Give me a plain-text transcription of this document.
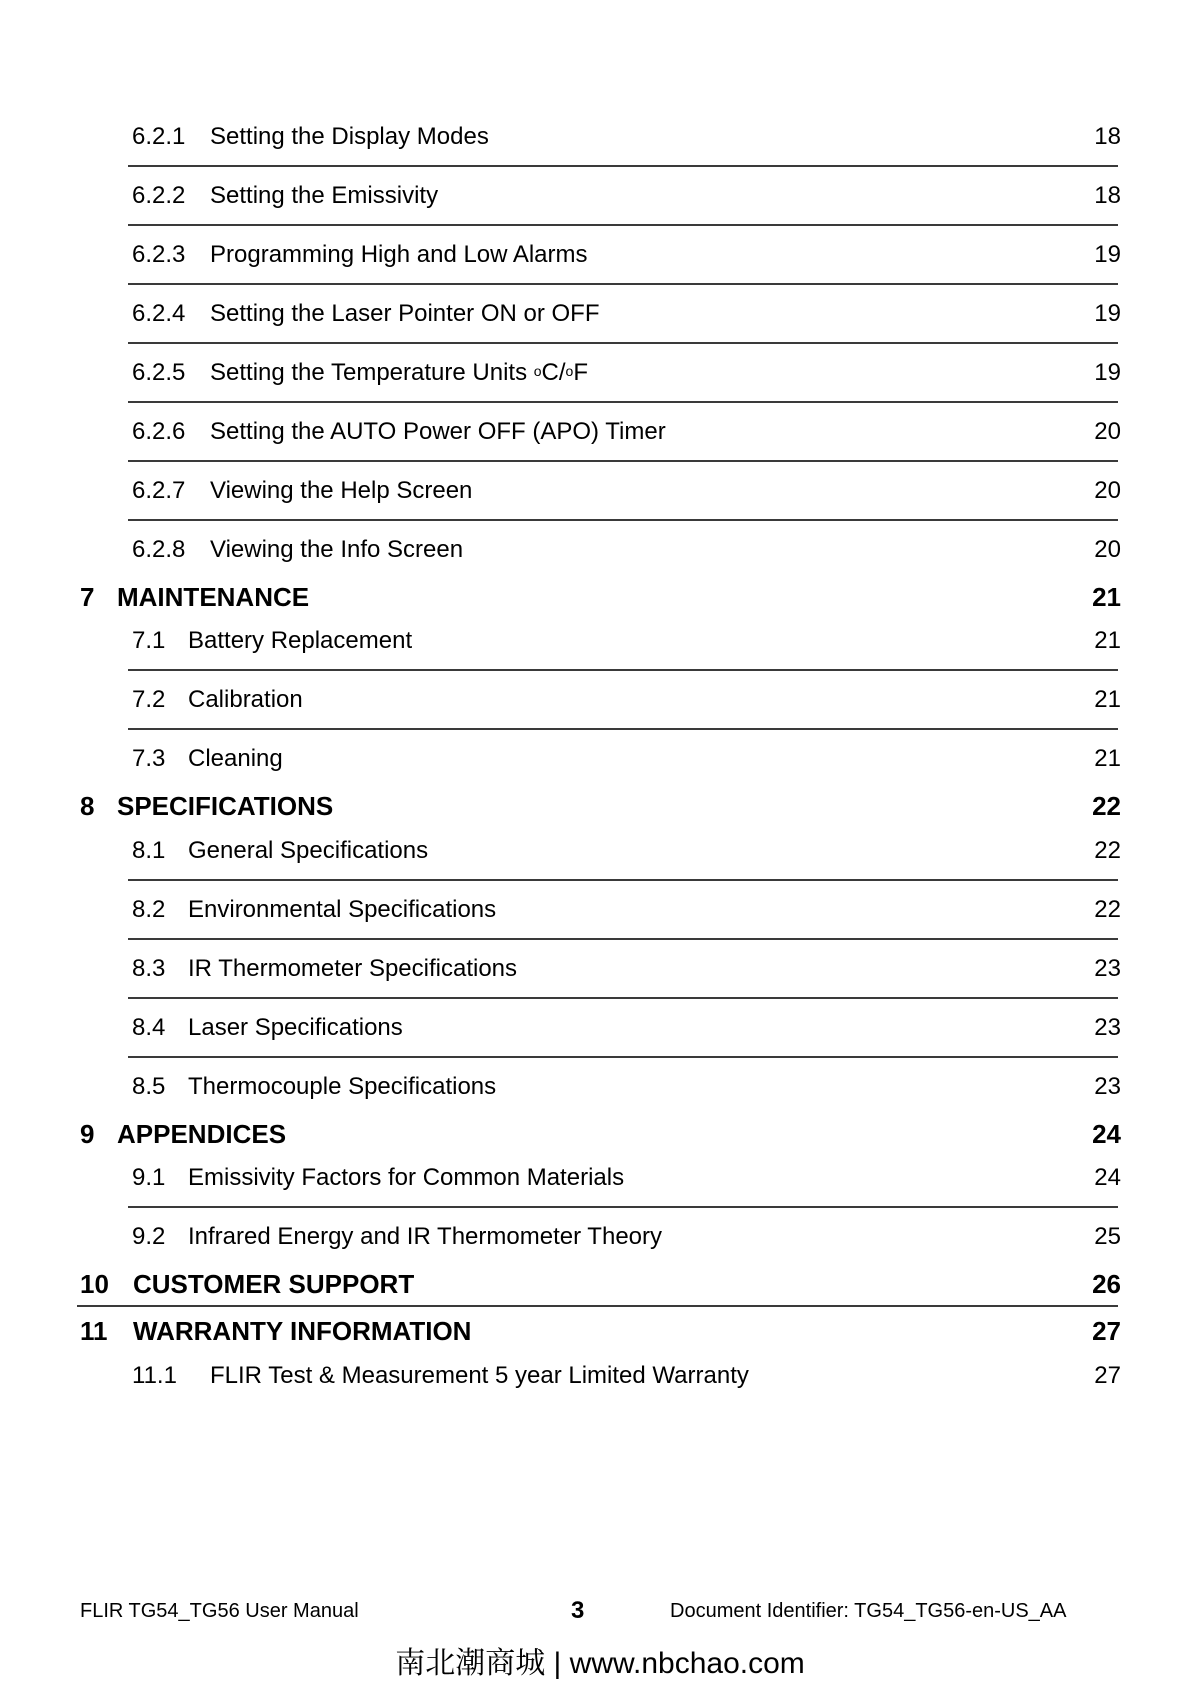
6.2.1 Setting the Display Modes	18
6.2.2 Setting the Emissivity	18
6.2.3 Programming High and Low Alarms	19
6.2.4 Setting the Laser Pointer ON or OFF	19
6.2.5 Setting the Temperature Units $^o$C/$^o$F	19
6.2.6 Setting the AUTO Power OFF (APO) Timer	20
6.2.7 Viewing the Help Screen	20
6.2.8 Viewing the Info Screen	20
7 MAINTENANCE	21
7.1 Battery Replacement	21
7.2 Calibration	21
7.3 Cleaning	21
8 SPECIFICATIONS	22
8.1 General Specifications	22
8.2 Environmental Specifications	22
8.3 IR Thermometer Specifications	23
8.4 Laser Specifications	23
8.5 Thermocouple Specifications	23
9 APPENDICES	24
9.1 Emissivity Factors for Common Materials	24
9.2 Infrared Energy and IR Thermometer Theory	25
10 CUSTOMER SUPPORT	26
11 WARRANTY INFORMATION	27
11.1 FLIR Test & Measurement 5 year Limited Warranty	27
FLIR TG54_TG56 User Manual	3	Document Identifier: TG54_TG56-en-US_AA
南北潮商城 | www.nbchao.com
